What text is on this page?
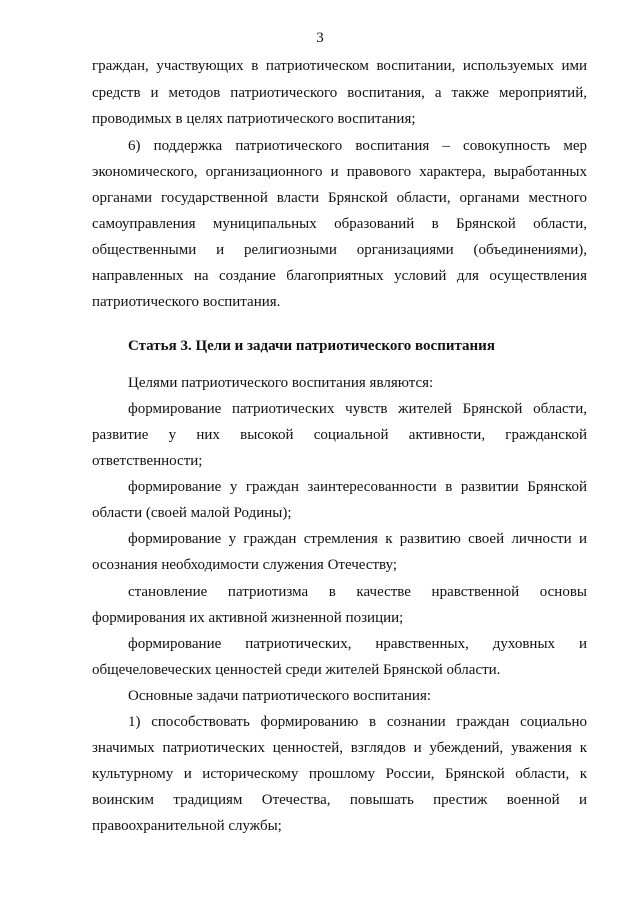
3
граждан, участвующих в патриотическом воспитании, используемых ими
средств и методов патриотического воспитания, а также мероприятий,
проводимых в целях патриотического воспитания;
6) поддержка патриотического воспитания – совокупность мер
экономического, организационного и правового характера, выработанных
органами государственной власти Брянской области, органами местного
самоуправления муниципальных образований в Брянской области,
общественными и религиозными организациями (объединениями),
направленных на создание благоприятных условий для осуществления
патриотического воспитания.
Статья 3. Цели и задачи патриотического воспитания
Целями патриотического воспитания являются:
формирование патриотических чувств жителей Брянской области,
развитие у них высокой социальной активности, гражданской
ответственности;
формирование у граждан заинтересованности в развитии Брянской
области (своей малой Родины);
формирование у граждан стремления к развитию своей личности и
осознания необходимости служения Отечеству;
становление патриотизма в качестве нравственной основы
формирования их активной жизненной позиции;
формирование патриотических, нравственных, духовных и
общечеловеческих ценностей среди жителей Брянской области.
Основные задачи патриотического воспитания:
1) способствовать формированию в сознании граждан социально
значимых патриотических ценностей, взглядов и убеждений, уважения к
культурному и историческому прошлому России, Брянской области, к
воинским традициям Отечества, повышать престиж военной и
правоохранительной службы;
